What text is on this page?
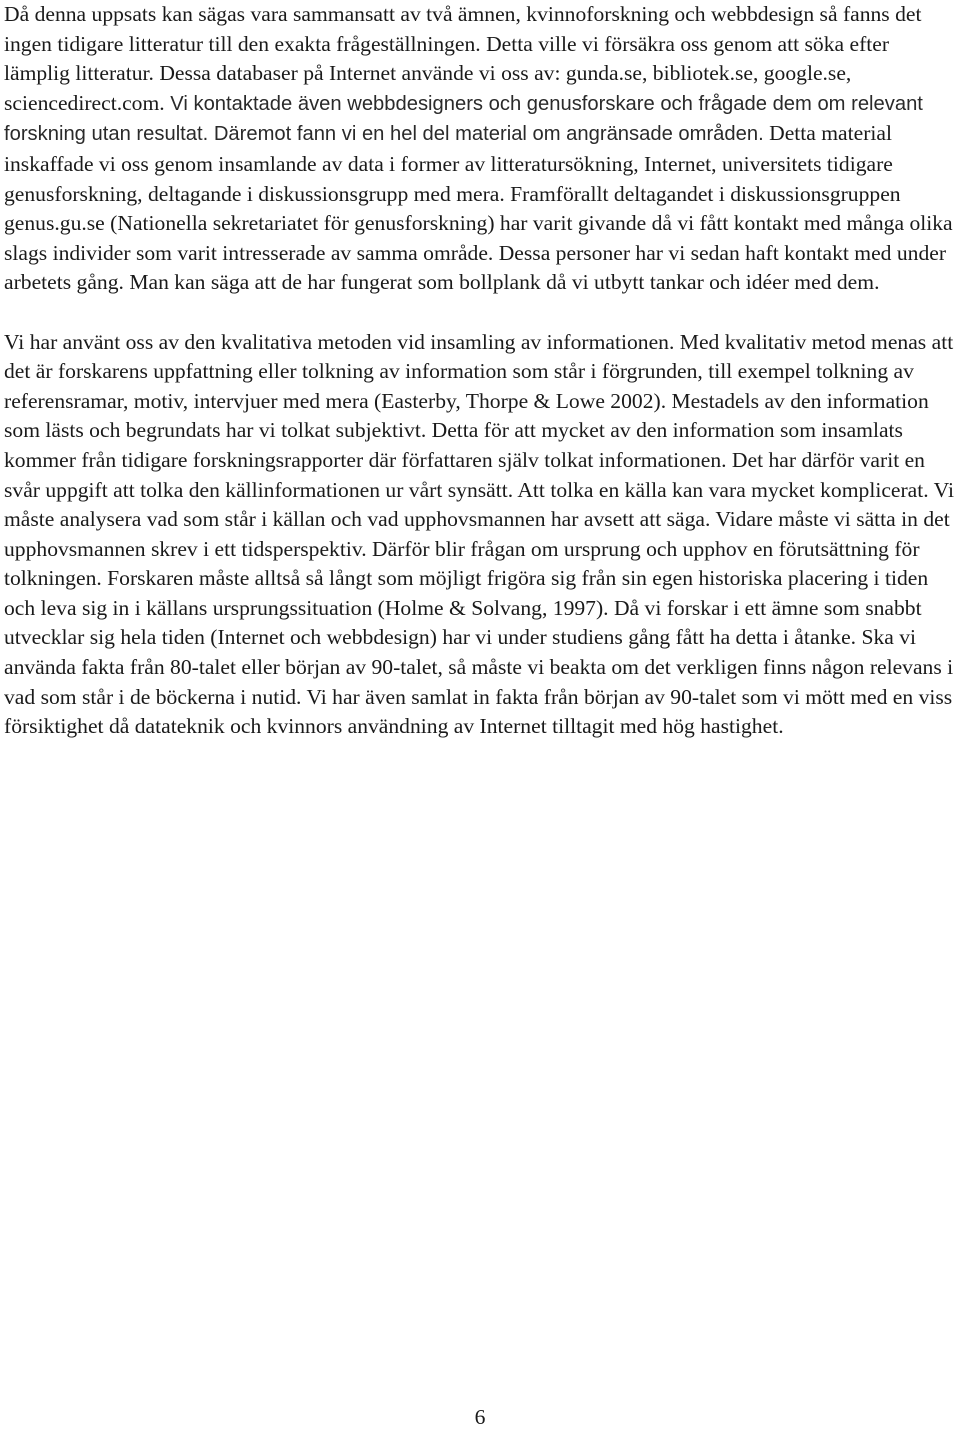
Då denna uppsats kan sägas vara sammansatt av två ämnen, kvinnoforskning och webbdesign så fanns det ingen tidigare litteratur till den exakta frågeställningen. Detta ville vi försäkra oss genom att söka efter lämplig litteratur. Dessa databaser på Internet använde vi oss av: gunda.se, bibliotek.se, google.se, sciencedirect.com. Vi kontaktade även webbdesigners och genusforskare och frågade dem om relevant forskning utan resultat. Däremot fann vi en hel del material om angränsade områden. Detta material inskaffade vi oss genom insamlande av data i former av litteratursökning, Internet, universitets tidigare genusforskning, deltagande i diskussionsgrupp med mera. Framförallt deltagandet i diskussionsgruppen genus.gu.se (Nationella sekretariatet för genusforskning) har varit givande då vi fått kontakt med många olika slags individer som varit intresserade av samma område. Dessa personer har vi sedan haft kontakt med under arbetets gång. Man kan säga att de har fungerat som bollplank då vi utbytt tankar och idéer med dem.

Vi har använt oss av den kvalitativa metoden vid insamling av informationen. Med kvalitativ metod menas att det är forskarens uppfattning eller tolkning av information som står i förgrunden, till exempel tolkning av referensramar, motiv, intervjuer med mera (Easterby, Thorpe & Lowe 2002). Mestadels av den information som lästs och begrundats har vi tolkat subjektivt. Detta för att mycket av den information som insamlats kommer från tidigare forskningsrapporter där författaren själv tolkat informationen. Det har därför varit en svår uppgift att tolka den källinformationen ur vårt synsätt. Att tolka en källa kan vara mycket komplicerat. Vi måste analysera vad som står i källan och vad upphovsmannen har avsett att säga. Vidare måste vi sätta in det upphovsmannen skrev i ett tidsperspektiv. Därför blir frågan om ursprung och upphov en förutsättning för tolkningen. Forskaren måste alltså så långt som möjligt frigöra sig från sin egen historiska placering i tiden och leva sig in i källans ursprungssituation (Holme & Solvang, 1997). Då vi forskar i ett ämne som snabbt utvecklar sig hela tiden (Internet och webbdesign) har vi under studiens gång fått ha detta i åtanke. Ska vi använda fakta från 80-talet eller början av 90-talet, så måste vi beakta om det verkligen finns någon relevans i vad som står i de böckerna i nutid. Vi har även samlat in fakta från början av 90-talet som vi mött med en viss försiktighet då datateknik och kvinnors användning av Internet tilltagit med hög hastighet.

6
